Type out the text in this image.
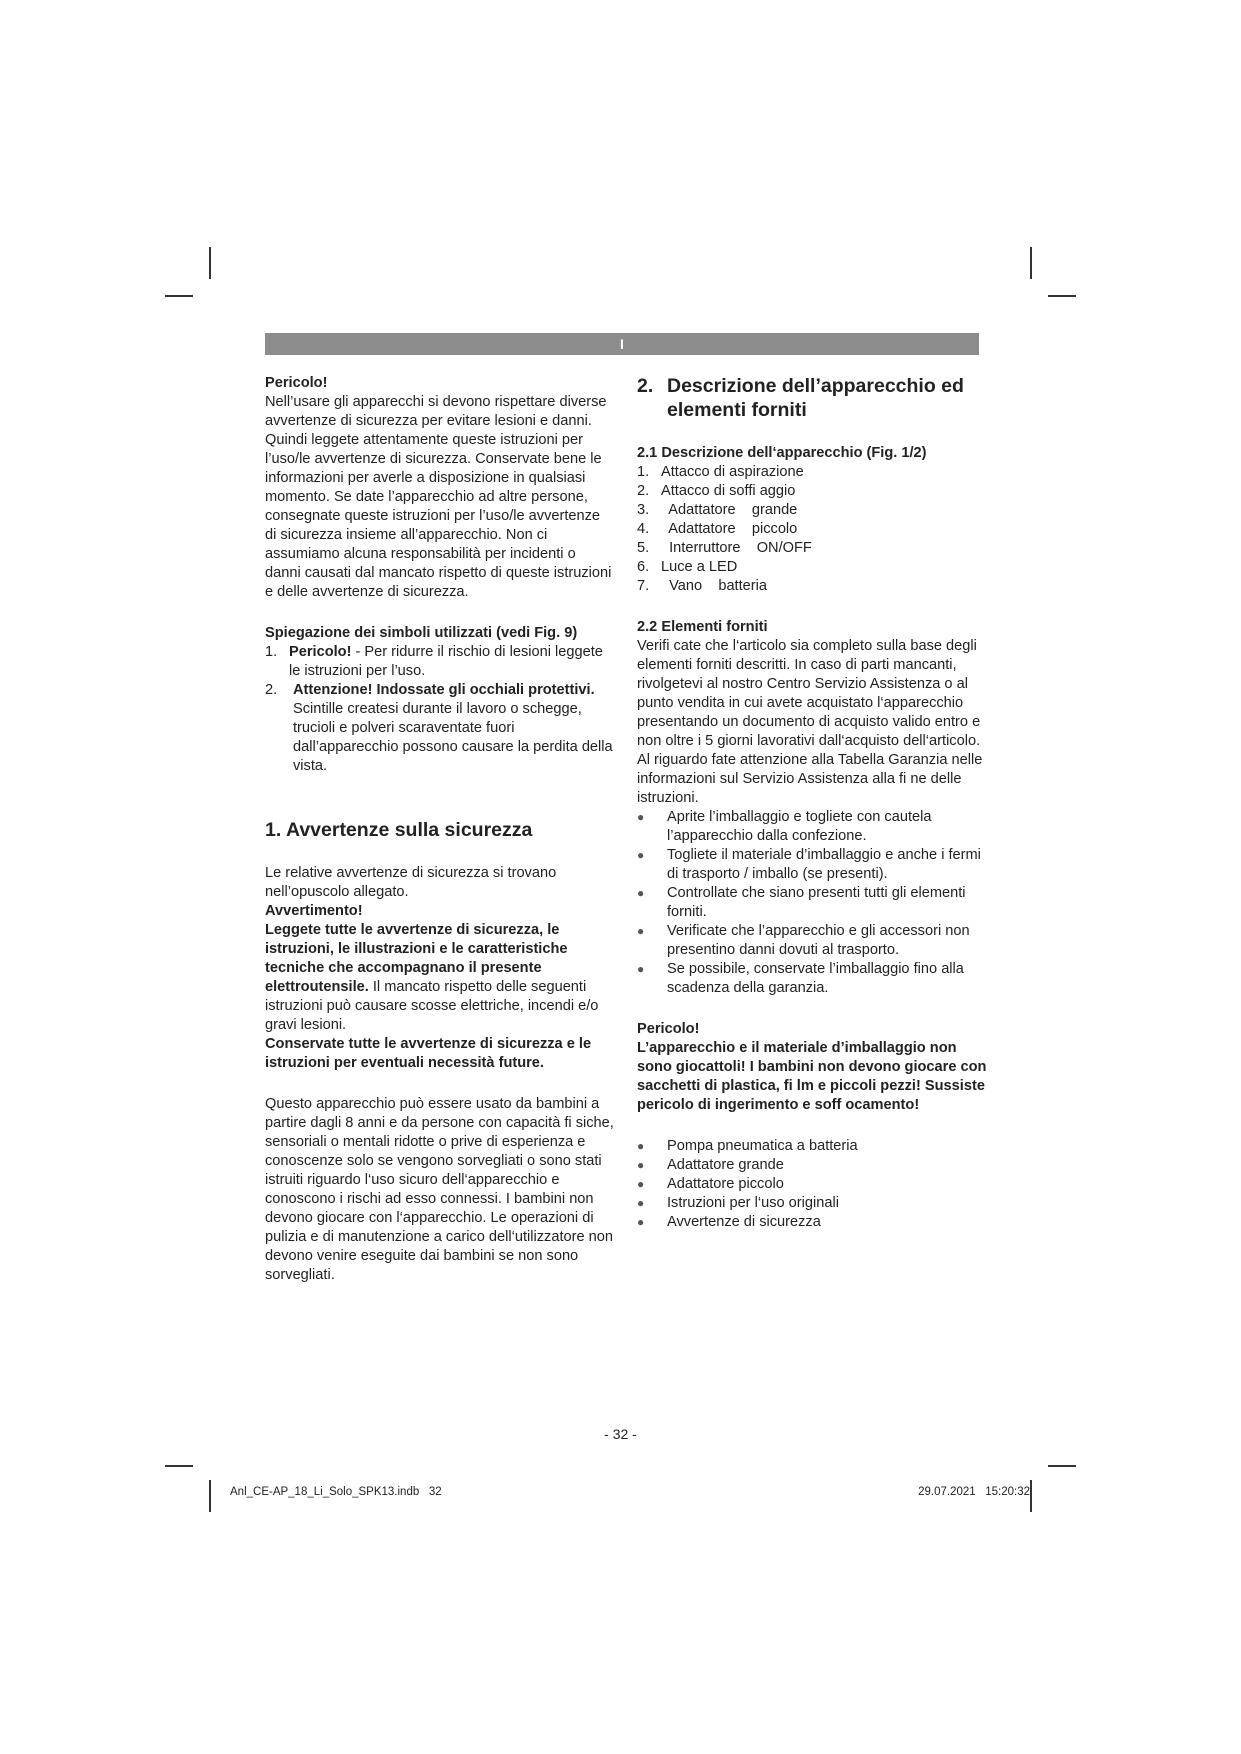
I

Pericolo!

Nell’usare gli apparecchi si devono rispettare diverse avvertenze di sicurezza per evitare lesioni e danni. Quindi leggete attentamente queste istruzioni per l’uso/le avvertenze di sicurezza. Conservate bene le informazioni per averle a disposizione in qualsiasi momento. Se date l’apparecchio ad altre persone, consegnate queste istruzioni per l’uso/le avvertenze di sicurezza insieme all’apparecchio. Non ci assumiamo alcuna responsabilità per incidenti o danni causati dal mancato rispetto di queste istruzioni e delle avvertenze di sicurezza.

Spiegazione dei simboli utilizzati (vedi Fig. 9)
1. Pericolo! - Per ridurre il rischio di lesioni leggete le istruzioni per l’uso.
2.	Attenzione! Indossate gli occhiali protettivi. Scintille createsi durante il lavoro o schegge, trucioli e polveri scaraventate fuori dall’apparecchio possono causare la perdita della vista.
1. Avvertenze sulla sicurezza

Le relative avvertenze di sicurezza si trovano nell’opuscolo allegato.

Avvertimento!

Leggete tutte le avvertenze di sicurezza, le istruzioni, le illustrazioni e le caratteristiche tecniche che accompagnano il presente elettroutensile. Il mancato rispetto delle seguenti istruzioni può causare scosse elettriche, incendi e/o gravi lesioni.

Conservate tutte le avvertenze di sicurezza e le istruzioni per eventuali necessità future.

Questo apparecchio può essere usato da bambini a partire dagli 8 anni e da persone con capacità fi siche, sensoriali o mentali ridotte o prive di esperienza e conoscenze solo se vengono sorvegliati o sono stati istruiti riguardo l‘uso sicuro dell‘apparecchio e conoscono i rischi ad esso connessi. I bambini non devono giocare con l‘apparecchio. Le operazioni di pulizia e di manutenzione a carico dell‘utilizzatore non devono venire eseguite dai bambini se non sono sorvegliati.

2. Descrizione dell’apparecchio ed elementi forniti
2.1 Descrizione dell‘apparecchio (Fig. 1/2)
1. Attacco di aspirazione
2. Attacco di soffi aggio
3. Adattatore    grande
4. Adattatore    piccolo
5. Interruttore    ON/OFF
6. Luce a LED
7. Vano    batteria
2.2 Elementi forniti

Verifi cate che l‘articolo sia completo sulla base degli elementi forniti descritti. In caso di parti mancanti, rivolgetevi al nostro Centro Servizio Assistenza o al punto vendita in cui avete acquistato l‘apparecchio presentando un documento di acquisto valido entro e non oltre i 5 giorni lavorativi dall‘acquisto dell‘articolo. Al riguardo fate attenzione alla Tabella Garanzia nelle informazioni sul Servizio Assistenza alla fi ne delle istruzioni.

●	Aprite l’imballaggio e togliete con cautela l’apparecchio dalla confezione.
●	Togliete il materiale d’imballaggio e anche i fermi di trasporto / imballo (se presenti).
●	Controllate che siano presenti tutti gli elementi forniti.
●	Verificate che l’apparecchio e gli accessori non presentino danni dovuti al trasporto.
●	Se possibile, conservate l’imballaggio fino alla scadenza della garanzia.

Pericolo!

L’apparecchio e il materiale d’imballaggio non sono giocattoli! I bambini non devono giocare con sacchetti di plastica, fi lm e piccoli pezzi! Sussiste pericolo di ingerimento e soff ocamento!

●	Pompa pneumatica a batteria
●	Adattatore grande
●	Adattatore piccolo
●	Istruzioni per l‘uso originali
●	Avvertenze di sicurezza
- 32 -
Anl_CE-AP_18_Li_Solo_SPK13.indb   32	29.07.2021   15:20:32
